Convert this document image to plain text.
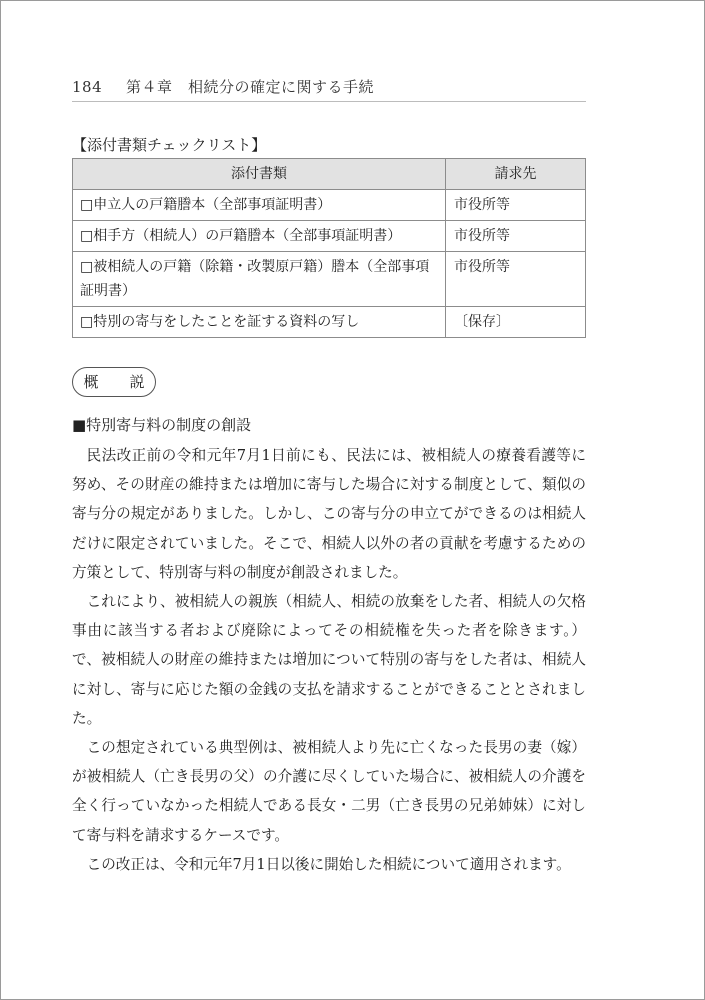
184 第４章　相続分の確定に関する手続
【添付書類チェックリスト】
添付書類	請求先
□申立人の戸籍謄本（全部事項証明書）	市役所等
□相手方（相続人）の戸籍謄本（全部事項証明書）	市役所等
□被相続人の戸籍（除籍・改製原戸籍）謄本（全部事項証明書）	市役所等
□特別の寄与をしたことを証する資料の写し	〔保存〕
概　説
■特別寄与料の制度の創設

民法改正前の令和元年7月1日前にも、民法には、被相続人の療養看護等に努め、その財産の維持または増加に寄与した場合に対する制度として、類似の寄与分の規定がありました。しかし、この寄与分の申立てができるのは相続人だけに限定されていました。そこで、相続人以外の者の貢献を考慮するための方策として、特別寄与料の制度が創設されました。

これにより、被相続人の親族（相続人、相続の放棄をした者、相続人の欠格事由に該当する者および廃除によってその相続権を失った者を除きます。）で、被相続人の財産の維持または増加について特別の寄与をした者は、相続人に対し、寄与に応じた額の金銭の支払を請求することができることとされました。

この想定されている典型例は、被相続人より先に亡くなった長男の妻（嫁）が被相続人（亡き長男の父）の介護に尽くしていた場合に、被相続人の介護を全く行っていなかった相続人である長女・二男（亡き長男の兄弟姉妹）に対して寄与料を請求するケースです。

この改正は、令和元年7月1日以後に開始した相続について適用されます。
